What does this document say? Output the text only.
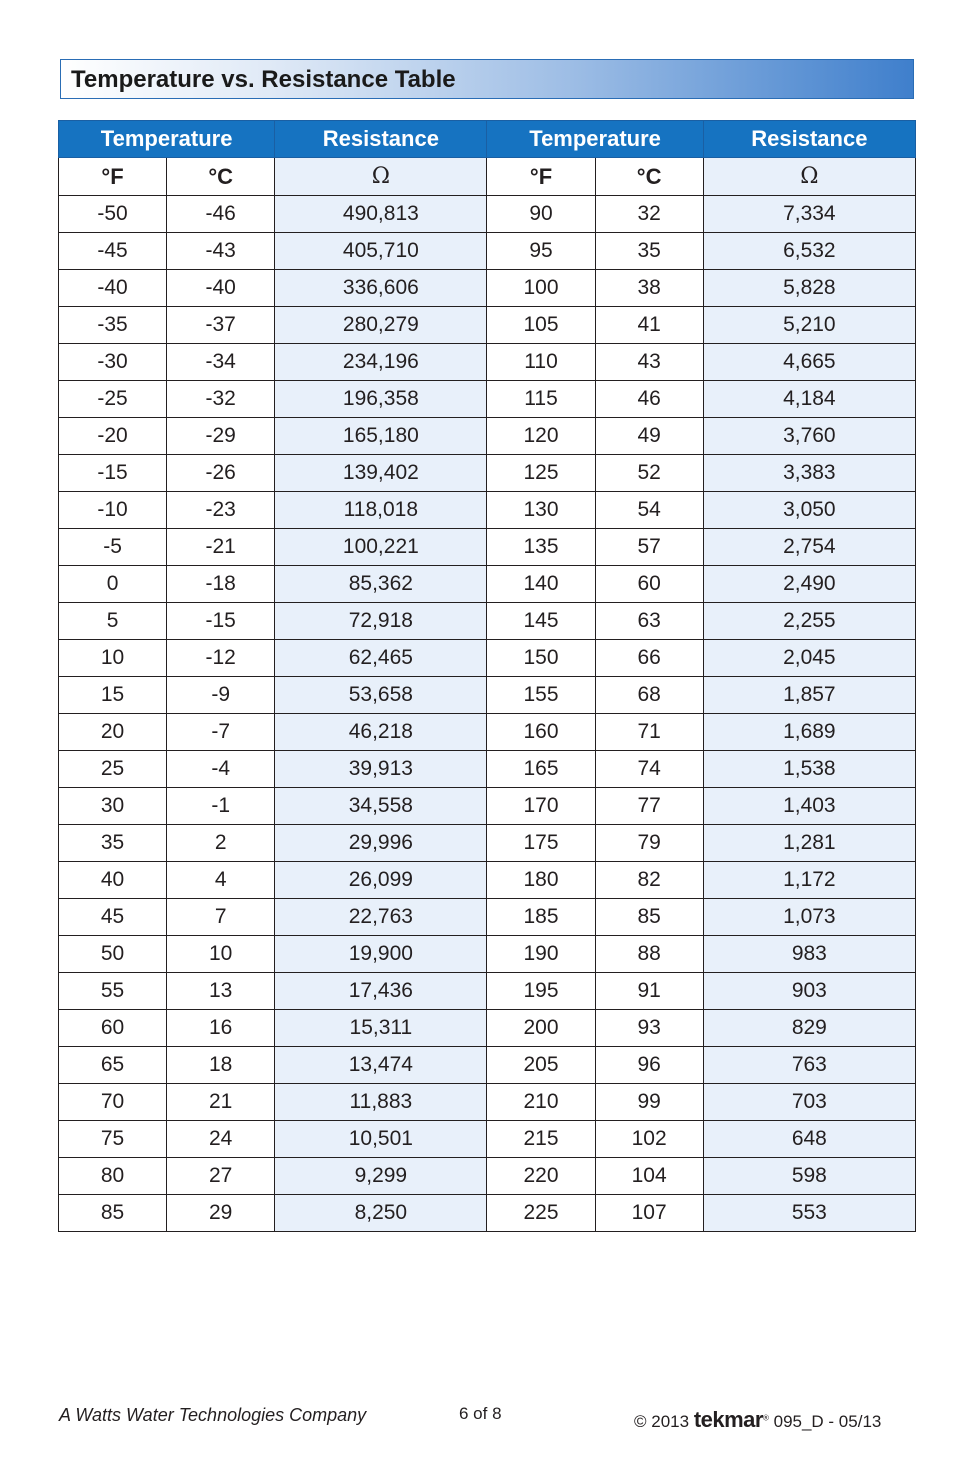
Temperature vs. Resistance Table
Temperature		Resistance	Temperature		Resistance
°F	°C	Ω	°F	°C	Ω
-50	-46	490,813	90	32	7,334
-45	-43	405,710	95	35	6,532
-40	-40	336,606	100	38	5,828
-35	-37	280,279	105	41	5,210
-30	-34	234,196	110	43	4,665
-25	-32	196,358	115	46	4,184
-20	-29	165,180	120	49	3,760
-15	-26	139,402	125	52	3,383
-10	-23	118,018	130	54	3,050
-5	-21	100,221	135	57	2,754
0	-18	85,362	140	60	2,490
5	-15	72,918	145	63	2,255
10	-12	62,465	150	66	2,045
15	-9	53,658	155	68	1,857
20	-7	46,218	160	71	1,689
25	-4	39,913	165	74	1,538
30	-1	34,558	170	77	1,403
35	2	29,996	175	79	1,281
40	4	26,099	180	82	1,172
45	7	22,763	185	85	1,073
50	10	19,900	190	88	983
55	13	17,436	195	91	903
60	16	15,311	200	93	829
65	18	13,474	205	96	763
70	21	11,883	210	99	703
75	24	10,501	215	102	648
80	27	9,299	220	104	598
85	29	8,250	225	107	553
A Watts Water Technologies Company	6 of 8	© 2013 tekmar® 095_D - 05/13
